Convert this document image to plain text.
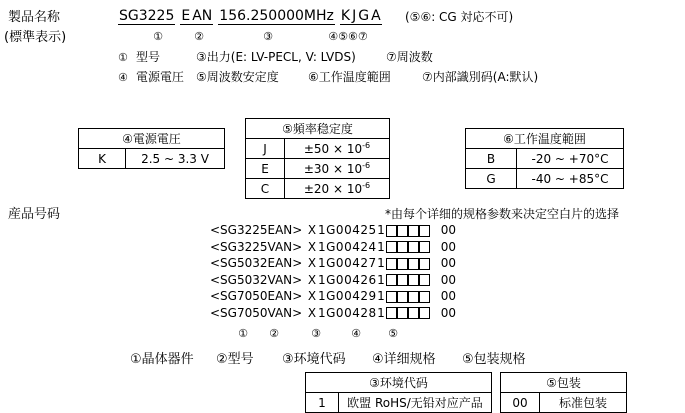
製品名称
(標準表示)
SG3225 E AN 156.250000MHz K J G A (⑤⑥: CG 対応不可)
①	②	③	④⑤⑥⑦
① 型号	③出力(E: LV-PECL, V: LVDS)	⑦周波数
④ 電源電圧 ⑤周波数安定度 ⑥工作温度範囲	⑦内部識別码(A:默认)
④電源電圧
K	2.5 ~ 3.3 V
⑤頻率稳定度	
J	$\pm 50 \times 10^{-6}$
E	$\pm 30 \times 10^{-6}$
C	$\pm 20 \times 10^{-6}$
⑥工作温度範囲	
B	-20 ~ +70°C
G	-40 ~ +85°C
産品号码	*由每个详细的规格参数来决定空白片的选择
<SG3225EAN> X 1G004251	00
<SG3225VAN> X 1G004241	00
<SG5032EAN> X 1G004271	00
<SG5032VAN> X 1G004261	00
<SG7050EAN> X 1G004291	00
<SG7050VAN> X 1G004281	00
① ②	③	④ ⑤
①晶体器件 ②型号 ③环境代码 ④详细规格 ⑤包装规格
③环境代码
1	欧盟 RoHS/无铅对应产品
⑤包装
00	标准包装
